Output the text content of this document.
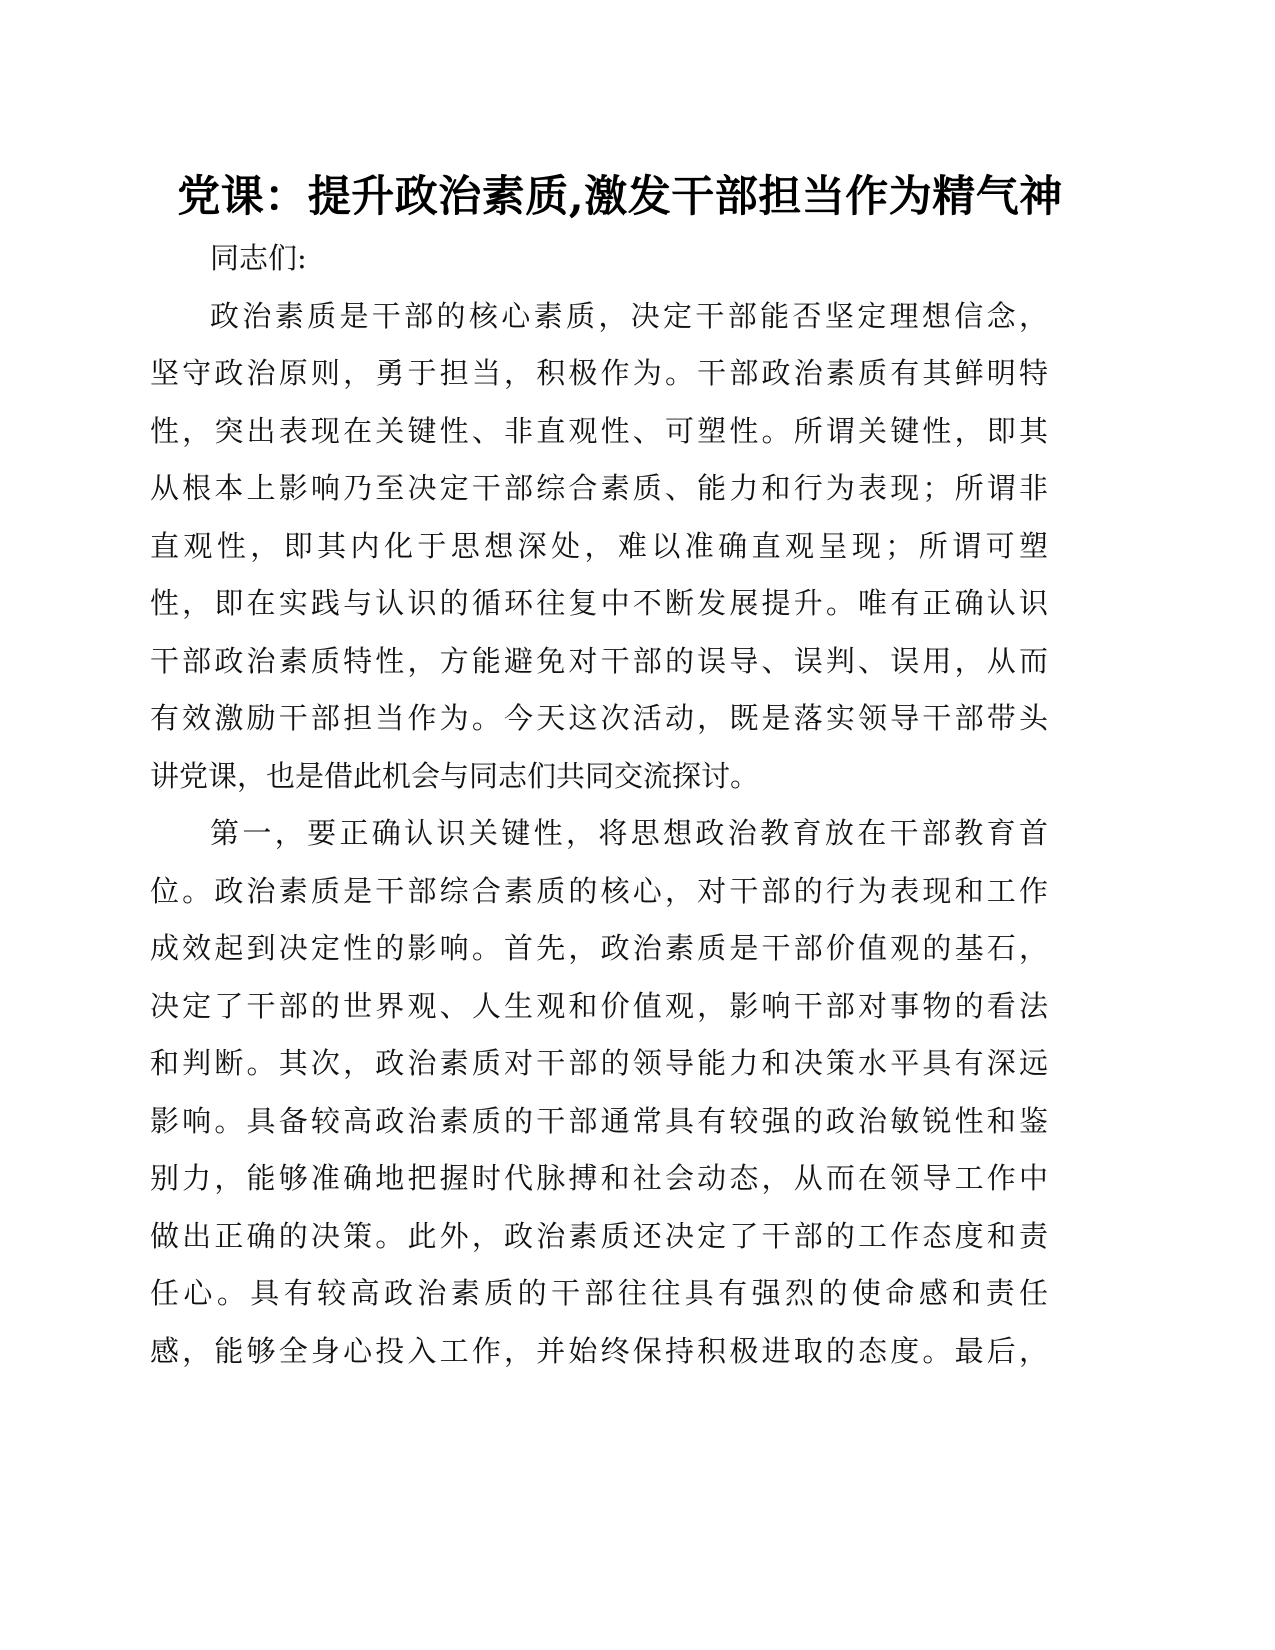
党课：提升政治素质,激发干部担当作为精气神
同志们:
政治素质是干部的核心素质，决定干部能否坚定理想信念，
坚守政治原则，勇于担当，积极作为。干部政治素质有其鲜明特
性，突出表现在关键性、非直观性、可塑性。所谓关键性，即其
从根本上影响乃至决定干部综合素质、能力和行为表现；所谓非
直观性，即其内化于思想深处，难以准确直观呈现；所谓可塑
性，即在实践与认识的循环往复中不断发展提升。唯有正确认识
干部政治素质特性，方能避免对干部的误导、误判、误用，从而
有效激励干部担当作为。今天这次活动，既是落实领导干部带头
讲党课，也是借此机会与同志们共同交流探讨。
第一，要正确认识关键性，将思想政治教育放在干部教育首
位。政治素质是干部综合素质的核心，对干部的行为表现和工作
成效起到决定性的影响。首先，政治素质是干部价值观的基石，
决定了干部的世界观、人生观和价值观，影响干部对事物的看法
和判断。其次，政治素质对干部的领导能力和决策水平具有深远
影响。具备较高政治素质的干部通常具有较强的政治敏锐性和鉴
别力，能够准确地把握时代脉搏和社会动态，从而在领导工作中
做出正确的决策。此外，政治素质还决定了干部的工作态度和责
任心。具有较高政治素质的干部往往具有强烈的使命感和责任
感，能够全身心投入工作，并始终保持积极进取的态度。最后，
